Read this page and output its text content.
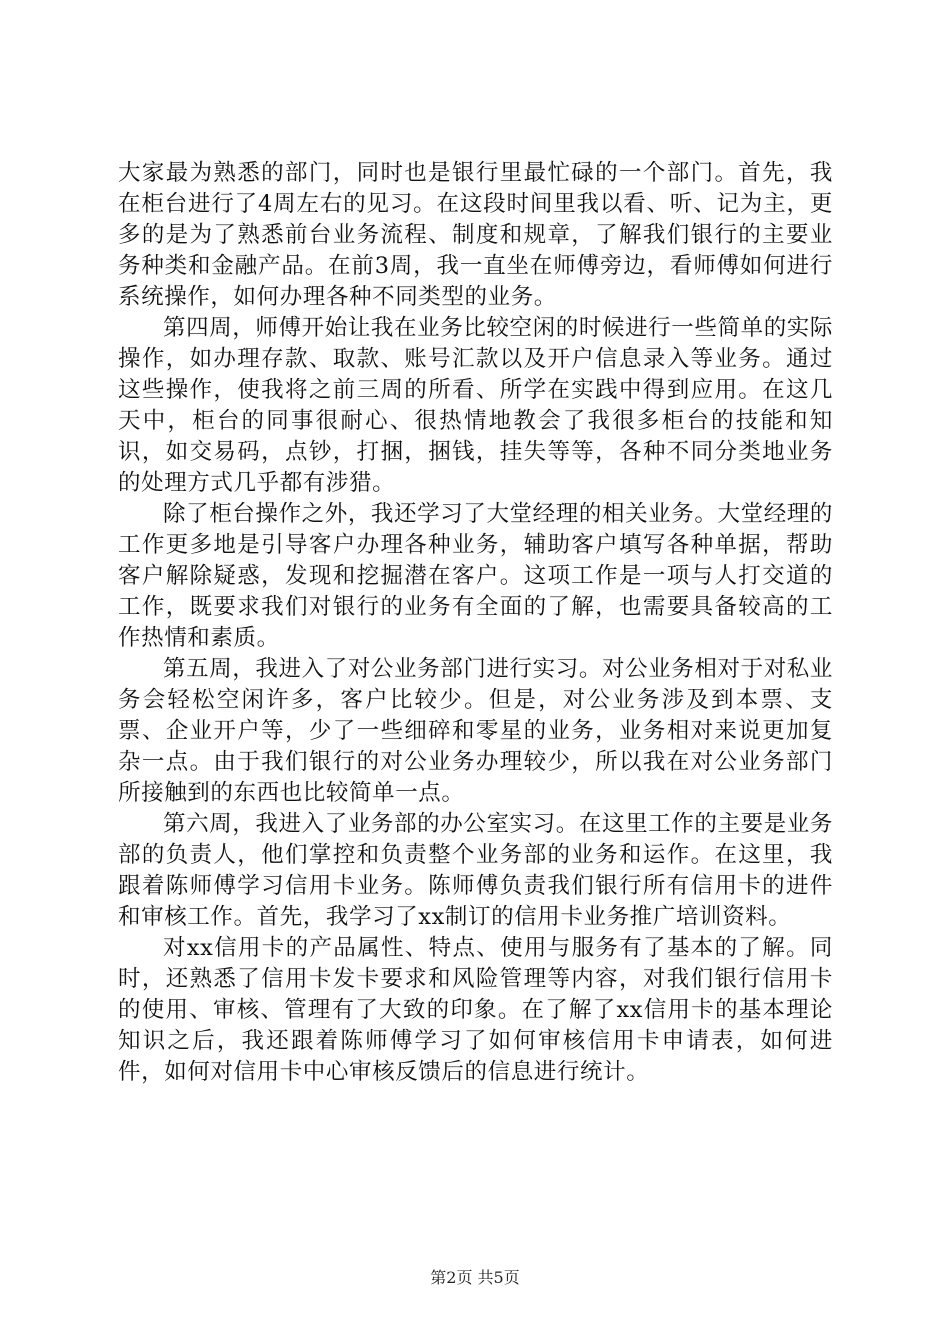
大家最为熟悉的部门，同时也是银行里最忙碌的一个部门。首先，我在柜台进行了4周左右的见习。在这段时间里我以看、听、记为主，更多的是为了熟悉前台业务流程、制度和规章，了解我们银行的主要业务种类和金融产品。在前3周，我一直坐在师傅旁边，看师傅如何进行系统操作，如何办理各种不同类型的业务。

第四周，师傅开始让我在业务比较空闲的时候进行一些简单的实际操作，如办理存款、取款、账号汇款以及开户信息录入等业务。通过这些操作，使我将之前三周的所看、所学在实践中得到应用。在这几天中，柜台的同事很耐心、很热情地教会了我很多柜台的技能和知识，如交易码，点钞，打捆，捆钱，挂失等等，各种不同分类地业务的处理方式几乎都有涉猎。

除了柜台操作之外，我还学习了大堂经理的相关业务。大堂经理的工作更多地是引导客户办理各种业务，辅助客户填写各种单据，帮助客户解除疑惑，发现和挖掘潜在客户。这项工作是一项与人打交道的工作，既要求我们对银行的业务有全面的了解，也需要具备较高的工作热情和素质。

第五周，我进入了对公业务部门进行实习。对公业务相对于对私业务会轻松空闲许多，客户比较少。但是，对公业务涉及到本票、支票、企业开户等，少了一些细碎和零星的业务，业务相对来说更加复杂一点。由于我们银行的对公业务办理较少，所以我在对公业务部门所接触到的东西也比较简单一点。

第六周，我进入了业务部的办公室实习。在这里工作的主要是业务部的负责人，他们掌控和负责整个业务部的业务和运作。在这里，我跟着陈师傅学习信用卡业务。陈师傅负责我们银行所有信用卡的进件和审核工作。首先，我学习了xx制订的信用卡业务推广培训资料。

对xx信用卡的产品属性、特点、使用与服务有了基本的了解。同时，还熟悉了信用卡发卡要求和风险管理等内容，对我们银行信用卡的使用、审核、管理有了大致的印象。在了解了xx信用卡的基本理论知识之后，我还跟着陈师傅学习了如何审核信用卡申请表，如何进件，如何对信用卡中心审核反馈后的信息进行统计。

第2页 共5页
